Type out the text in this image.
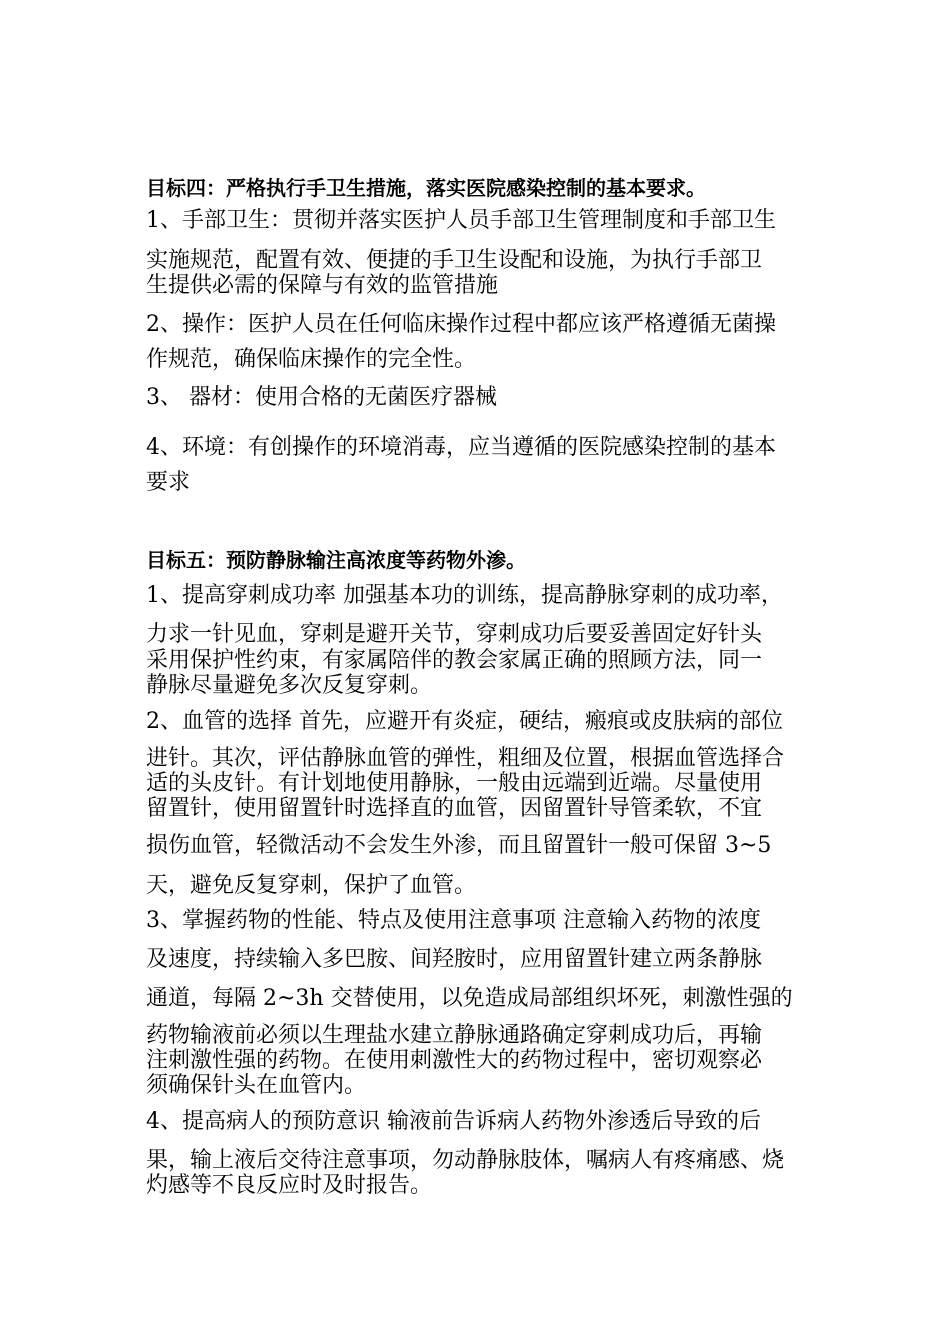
目标四：严格执行手卫生措施，落实医院感染控制的基本要求。
1、手部卫生：贯彻并落实医护人员手部卫生管理制度和手部卫生
实施规范，配置有效、便捷的手卫生设配和设施，为执行手部卫
生提供必需的保障与有效的监管措施
2、操作：医护人员在任何临床操作过程中都应该严格遵循无菌操
作规范，确保临床操作的完全性。
3、 器材：使用合格的无菌医疗器械
4、环境：有创操作的环境消毒，应当遵循的医院感染控制的基本
要求
目标五：预防静脉输注高浓度等药物外渗。
1、提高穿刺成功率 加强基本功的训练，提高静脉穿刺的成功率，
力求一针见血，穿刺是避开关节，穿刺成功后要妥善固定好针头
采用保护性约束，有家属陪伴的教会家属正确的照顾方法，同一
静脉尽量避免多次反复穿刺。
2、血管的选择 首先，应避开有炎症，硬结，瘢痕或皮肤病的部位
进针。其次，评估静脉血管的弹性，粗细及位置，根据血管选择合
适的头皮针。有计划地使用静脉，一般由远端到近端。尽量使用
留置针，使用留置针时选择直的血管，因留置针导管柔软，不宜
损伤血管，轻微活动不会发生外渗，而且留置针一般可保留 3~5
天，避免反复穿刺，保护了血管。
3、掌握药物的性能、特点及使用注意事项 注意输入药物的浓度
及速度，持续输入多巴胺、间羟胺时，应用留置针建立两条静脉
通道，每隔 2~3h 交替使用，以免造成局部组织坏死，刺激性强的
药物输液前必须以生理盐水建立静脉通路确定穿刺成功后，再输
注刺激性强的药物。在使用刺激性大的药物过程中，密切观察必
须确保针头在血管内。
4、提高病人的预防意识 输液前告诉病人药物外渗透后导致的后
果，输上液后交待注意事项，勿动静脉肢体，嘱病人有疼痛感、烧
灼感等不良反应时及时报告。
